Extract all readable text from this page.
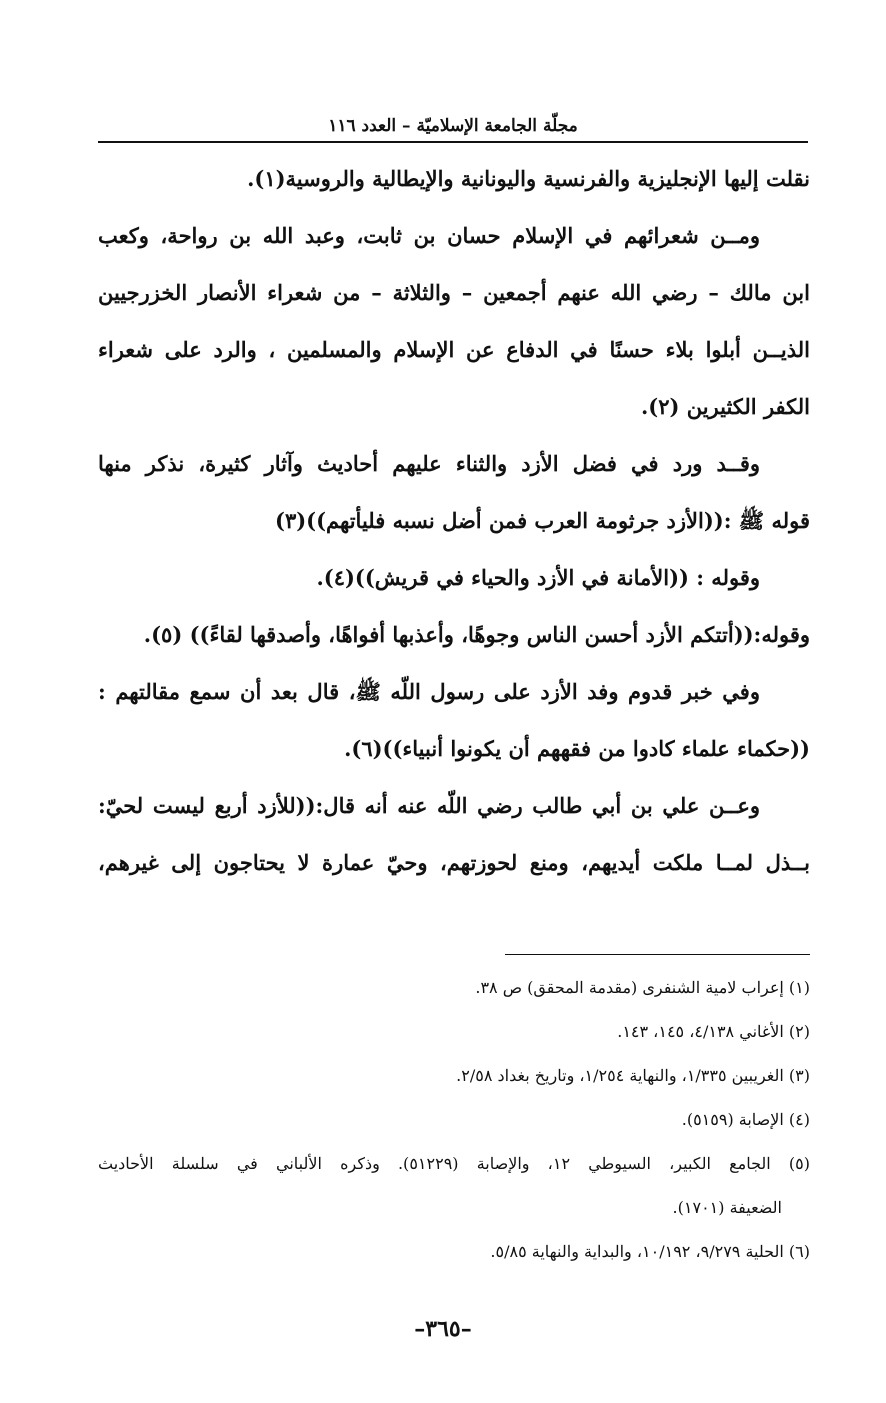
مجلّة الجامعة الإسلاميّة – العدد ١١٦
نقلت إليها الإنجليزية والفرنسية واليونانية والإيطالية والروسية(١).
ومــن شعرائهم في الإسلام حسان بن ثابت، وعبد الله بن رواحة، وكعب
ابن مالك – رضي الله عنهم أجمعين – والثلاثة – من شعراء الأنصار الخزرجيين
الذيــن أبلوا بلاء حسنًا في الدفاع عن الإسلام والمسلمين ، والرد على شعراء
الكفر الكثيرين (٢).
وقــد ورد في فضل الأزد والثناء عليهم أحاديث وآثار كثيرة، نذكر منها
قوله ﷺ :((الأزد جرثومة العرب فمن أضل نسبه فليأتهم))(٣)
وقوله : ((الأمانة في الأزد والحياء في قريش))(٤).
وقوله:((أتتكم الأزد أحسن الناس وجوهًا، وأعذبها أفواهًا، وأصدقها لقاءً)) (٥).
وفي خبر قدوم وفد الأزد على رسول اللّه ﷺ، قال بعد أن سمع مقالتهم :
((حكماء علماء كادوا من فقههم أن يكونوا أنبياء))(٦).
وعــن علي بن أبي طالب رضي اللّه عنه أنه قال:((للأزد أربع ليست لحيّ:
بــذل لمــا ملكت أيديهم، ومنع لحوزتهم، وحيّ عمارة لا يحتاجون إلى غيرهم،
(١) إعراب لامية الشنفرى (مقدمة المحقق) ص ٣٨.
(٢) الأغاني ٤/١٣٨، ١٤٥، ١٤٣.
(٣) الغريبين ١/٣٣٥، والنهاية ١/٢٥٤، وتاريخ بغداد ٢/٥٨.
(٤) الإصابة (٥١٥٩).
(٥) الجامع الكبير، السيوطي ١٢، والإصابة (٥١٢٢٩). وذكره الألباني في سلسلة الأحاديث
الضعيفة (١٧٠١).
(٦) الحلية ٩/٢٧٩، ١٠/١٩٢، والبداية والنهاية ٥/٨٥.
–٣٦٥–
